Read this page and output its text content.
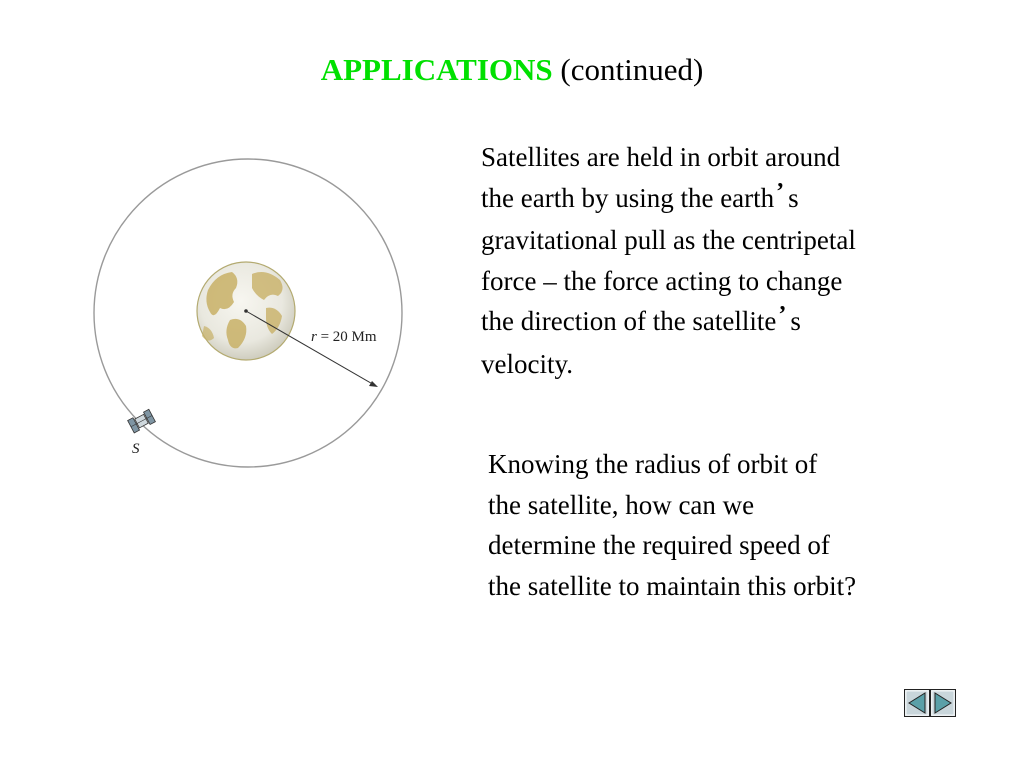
APPLICATIONS (continued)
Satellites are held in orbit around
the earth by using the earth’ s
gravitational pull as the centripetal
force – the force acting to change
the direction of the satellite’ s
velocity.
Knowing the radius of orbit of
the satellite, how can we
determine the required speed of
the satellite to maintain this orbit?
r = 20 Mm
S
